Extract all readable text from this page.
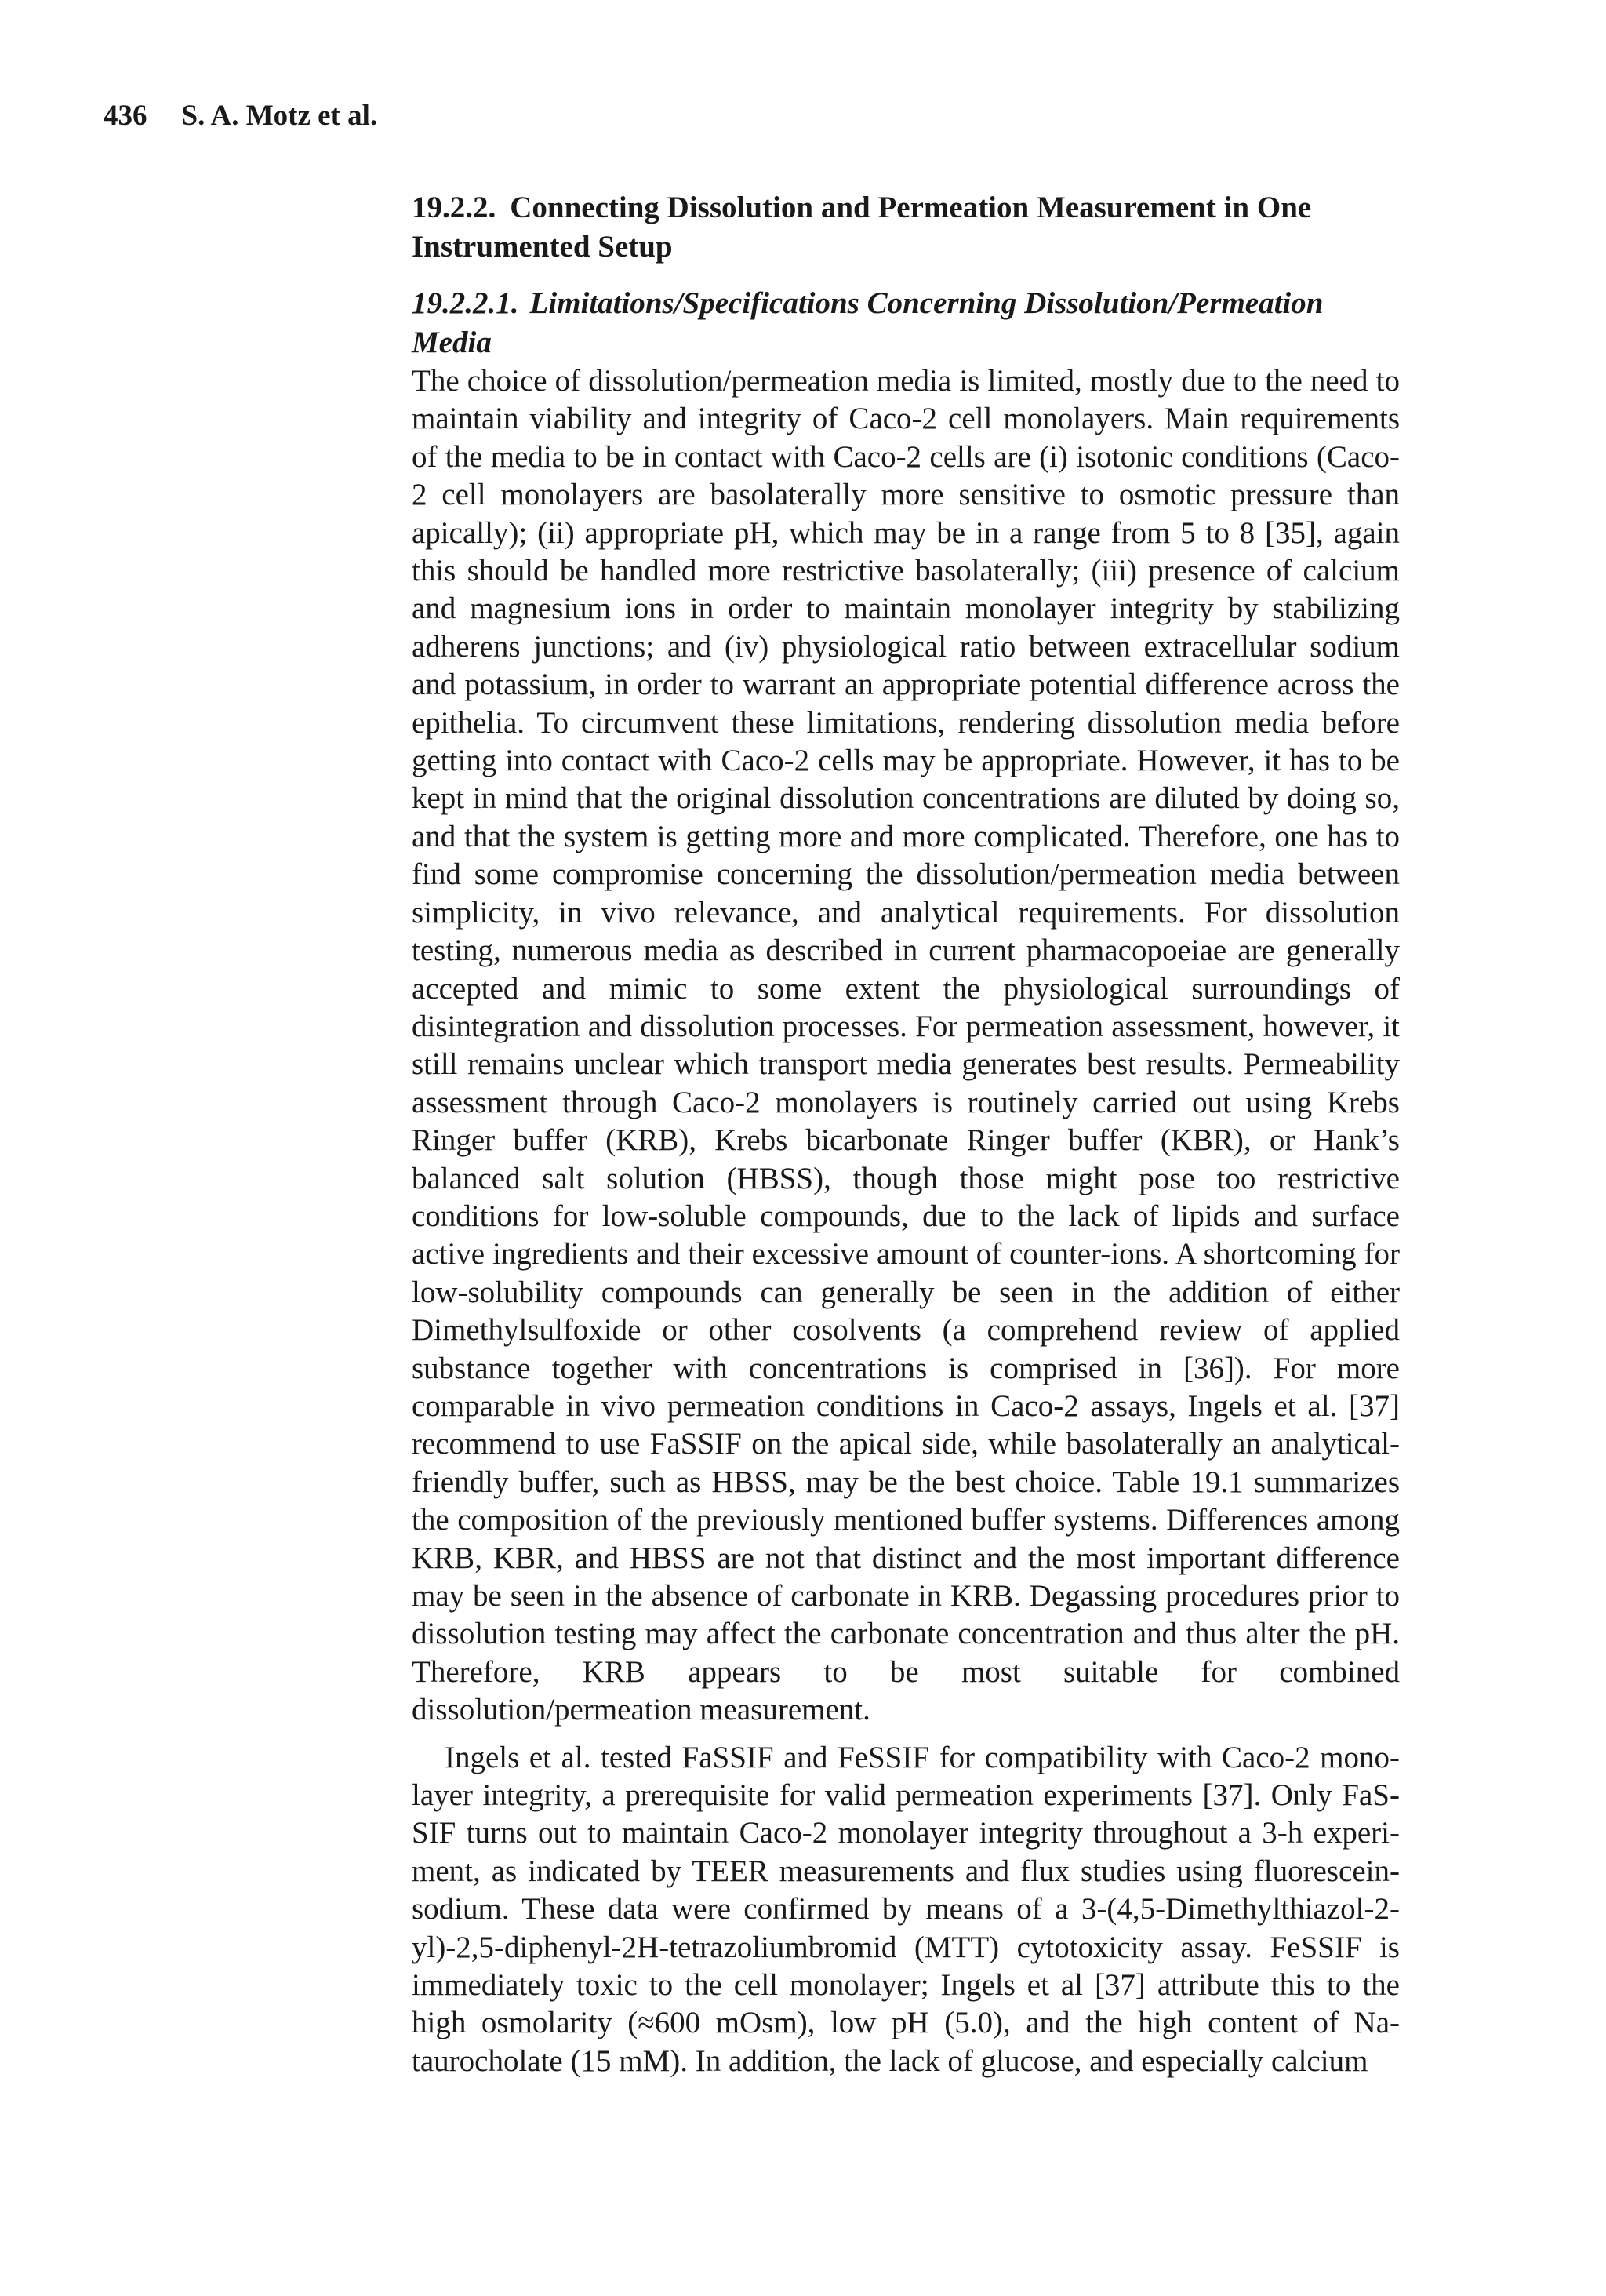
436 S. A. Motz et al.
19.2.2. Connecting Dissolution and Permeation Measurement in One Instrumented Setup
19.2.2.1. Limitations/Specifications Concerning Dissolution/Permeation Media

The choice of dissolution/permeation media is limited, mostly due to the need to maintain viability and integrity of Caco-2 cell monolayers. Main requirements of the media to be in contact with Caco-2 cells are (i) isotonic conditions (Caco-2 cell monolayers are basolaterally more sensitive to osmotic pressure than apically); (ii) appropriate pH, which may be in a range from 5 to 8 [35], again this should be handled more restrictive basolaterally; (iii) presence of calcium and magnesium ions in order to maintain monolayer integrity by stabilizing adherens junctions; and (iv) physiological ratio between extracellular sodium and potassium, in order to warrant an appropriate potential difference across the epithelia. To circumvent these limitations, rendering dissolution media before getting into contact with Caco-2 cells may be appropriate. However, it has to be kept in mind that the original dissolution concentrations are diluted by doing so, and that the system is getting more and more complicated. Therefore, one has to find some compromise concerning the dissolution/permeation media between simplicity, in vivo relevance, and analytical requirements. For dissolution testing, numerous media as described in current pharmacopoeiae are generally accepted and mimic to some extent the physiological surroundings of disintegration and dissolution processes. For permeation assessment, however, it still remains unclear which transport media generates best results. Permeability assessment through Caco-2 monolayers is routinely carried out using Krebs Ringer buffer (KRB), Krebs bicarbonate Ringer buffer (KBR), or Hank’s balanced salt solution (HBSS), though those might pose too restrictive conditions for low-soluble compounds, due to the lack of lipids and surface active ingredients and their excessive amount of counter-ions. A shortcoming for low-solubility compounds can generally be seen in the addition of either Dimethylsulfoxide or other cosolvents (a comprehend review of applied substance together with concentrations is comprised in [36]). For more comparable in vivo permeation conditions in Caco-2 assays, Ingels et al. [37] recommend to use FaSSIF on the apical side, while basolaterally an analytical-friendly buffer, such as HBSS, may be the best choice. Table 19.1 summarizes the composition of the previously mentioned buffer systems. Differences among KRB, KBR, and HBSS are not that distinct and the most important difference may be seen in the absence of carbonate in KRB. Degassing procedures prior to dissolution testing may affect the carbonate concentration and thus alter the pH. Therefore, KRB appears to be most suitable for combined dissolution/permeation measurement.

Ingels et al. tested FaSSIF and FeSSIF for compatibility with Caco-2 monolayer integrity, a prerequisite for valid permeation experiments [37]. Only FaSSIF turns out to maintain Caco-2 monolayer integrity throughout a 3-h experiment, as indicated by TEER measurements and flux studies using fluorescein-sodium. These data were confirmed by means of a 3-(4,5-Dimethylthiazol-2-yl)-2,5-diphenyl-2H-tetrazoliumbromid (MTT) cytotoxicity assay. FeSSIF is immediately toxic to the cell monolayer; Ingels et al [37] attribute this to the high osmolarity (≈600 mOsm), low pH (5.0), and the high content of Na-taurocholate (15 mM). In addition, the lack of glucose, and especially calcium
